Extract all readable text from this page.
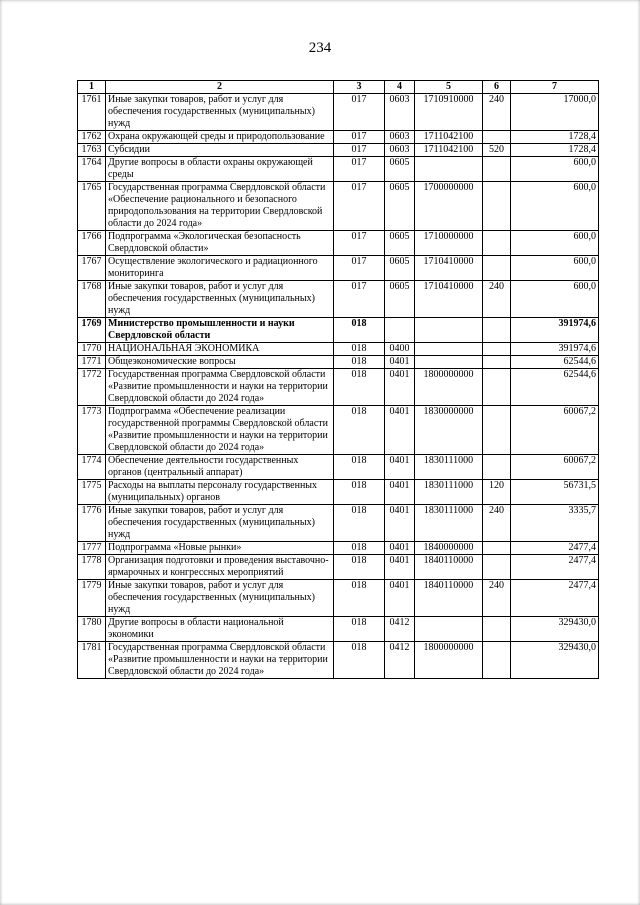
234
1	2	3	4	5	6	7
1761	Иные закупки товаров, работ и услуг для обеспечения государственных (муниципальных) нужд	017	0603	1710910000	240	17000,0
1762	Охрана окружающей среды и природопользование	017	0603	1711042100		1728,4
1763	Субсидии	017	0603	1711042100	520	1728,4
1764	Другие вопросы в области охраны окружающей среды	017	0605			600,0
1765	Государственная программа Свердловской области «Обеспечение рационального и безопасного природопользования на территории Свердловской области до 2024 года»	017	0605	1700000000		600,0
1766	Подпрограмма «Экологическая безопасность Свердловской области»	017	0605	1710000000		600,0
1767	Осуществление экологического и радиационного мониторинга	017	0605	1710410000		600,0
1768	Иные закупки товаров, работ и услуг для обеспечения государственных (муниципальных) нужд	017	0605	1710410000	240	600,0
1769	Министерство промышленности и науки Свердловской области	018				391974,6
1770	НАЦИОНАЛЬНАЯ ЭКОНОМИКА	018	0400			391974,6
1771	Общеэкономические вопросы	018	0401			62544,6
1772	Государственная программа Свердловской области «Развитие промышленности и науки на территории Свердловской области до 2024 года»	018	0401	1800000000		62544,6
1773	Подпрограмма «Обеспечение реализации государственной программы Свердловской области «Развитие промышленности и науки на территории Свердловской области до 2024 года»	018	0401	1830000000		60067,2
1774	Обеспечение деятельности государственных органов (центральный аппарат)	018	0401	1830111000		60067,2
1775	Расходы на выплаты персоналу государственных (муниципальных) органов	018	0401	1830111000	120	56731,5
1776	Иные закупки товаров, работ и услуг для обеспечения государственных (муниципальных) нужд	018	0401	1830111000	240	3335,7
1777	Подпрограмма «Новые рынки»	018	0401	1840000000		2477,4
1778	Организация подготовки и проведения выставочно-ярмарочных и конгрессных мероприятий	018	0401	1840110000		2477,4
1779	Иные закупки товаров, работ и услуг для обеспечения государственных (муниципальных) нужд	018	0401	1840110000	240	2477,4
1780	Другие вопросы в области национальной экономики	018	0412			329430,0
1781	Государственная программа Свердловской области «Развитие промышленности и науки на территории Свердловской области до 2024 года»	018	0412	1800000000		329430,0
